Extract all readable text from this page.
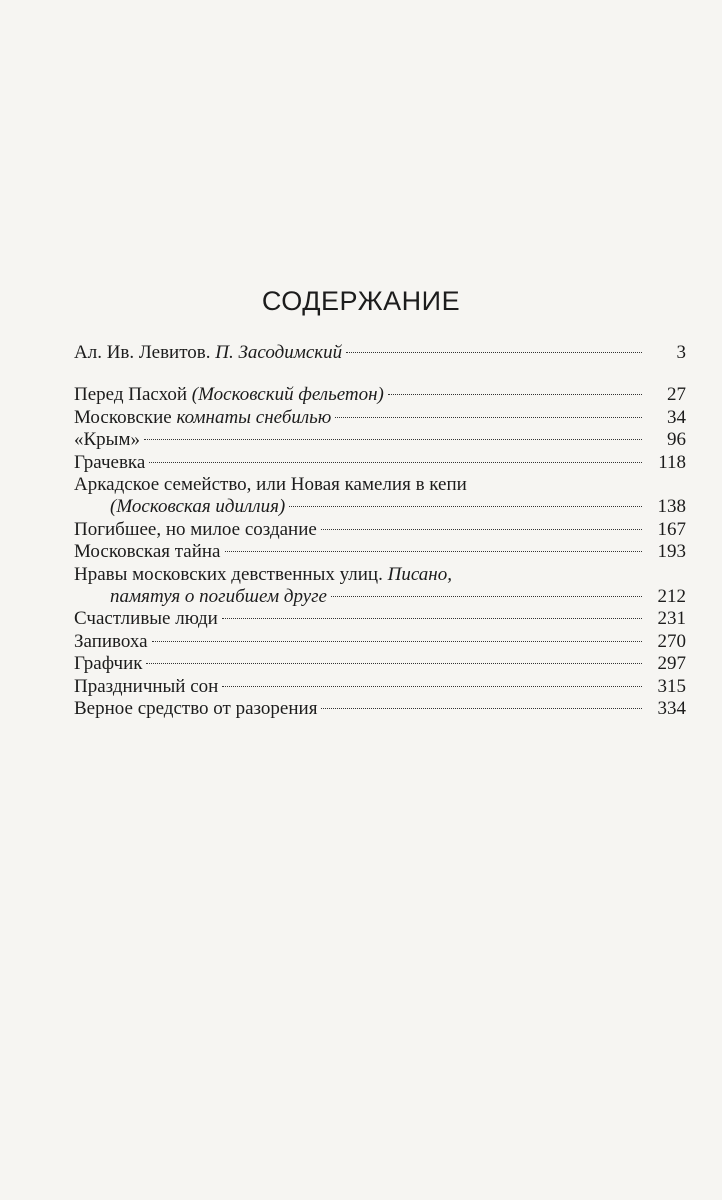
СОДЕРЖАНИЕ
Ал. Ив. Левитов. П. Засодимский	3
Перед Пасхой (Московский фельетон)	27
Московские комнаты снебилью	34
«Крым»	96
Грачевка	118
Аркадское семейство, или Новая камелия в кепи
(Московская идиллия)	138
Погибшее, но милое создание	167
Московская тайна	193
Нравы московских девственных улиц. Писано,
памятуя о погибшем друге	212
Счастливые люди	231
Запивоха	270
Графчик	297
Праздничный сон	315
Верное средство от разорения	334
